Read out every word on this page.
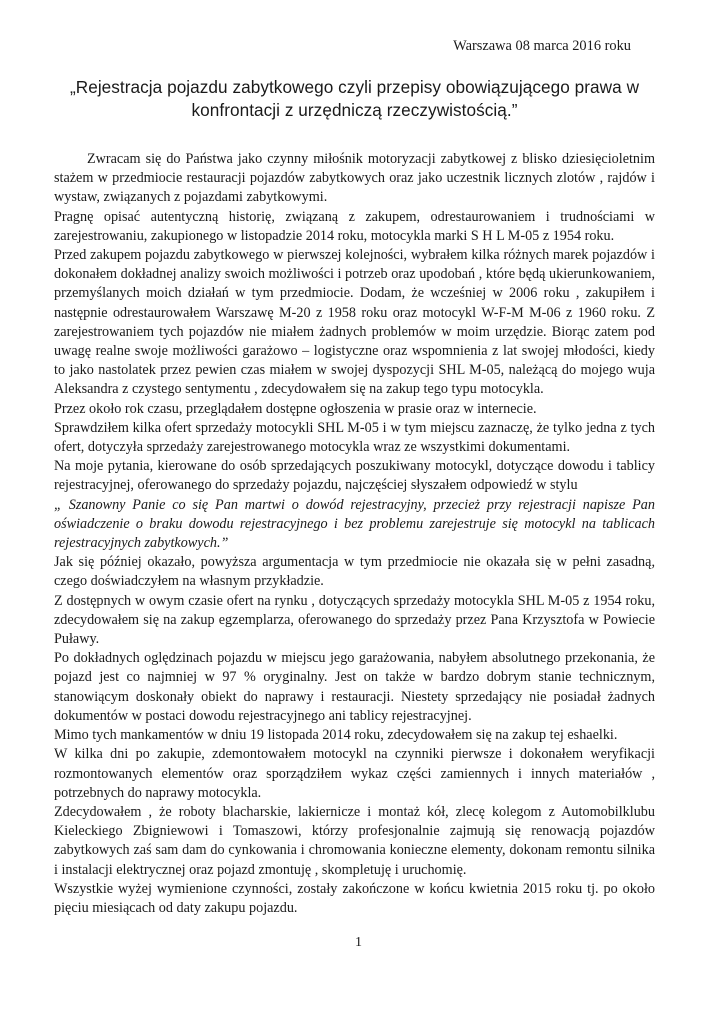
Warszawa 08 marca 2016 roku
„Rejestracja pojazdu zabytkowego czyli przepisy obowiązującego prawa w
konfrontacji z urzędniczą rzeczywistością.”

Zwracam się do Państwa jako czynny miłośnik motoryzacji zabytkowej z blisko dziesięcioletnim stażem w przedmiocie restauracji pojazdów zabytkowych oraz jako uczestnik licznych zlotów , rajdów i wystaw, związanych z pojazdami zabytkowymi.

Pragnę opisać autentyczną historię, związaną z zakupem, odrestaurowaniem i trudnościami w zarejestrowaniu, zakupionego w listopadzie 2014 roku, motocykla marki S H L M-05 z 1954 roku.

Przed zakupem pojazdu zabytkowego w pierwszej kolejności, wybrałem kilka różnych marek pojazdów i dokonałem dokładnej analizy swoich możliwości i potrzeb oraz upodobań , które będą ukierunkowaniem, przemyślanych moich działań w tym przedmiocie. Dodam, że wcześniej w 2006 roku , zakupiłem i następnie odrestaurowałem Warszawę M-20 z 1958 roku oraz motocykl W-F-M M-06 z 1960 roku. Z zarejestrowaniem tych pojazdów nie miałem żadnych problemów w moim urzędzie. Biorąc zatem pod uwagę realne swoje możliwości garażowo – logistyczne oraz wspomnienia z lat swojej młodości, kiedy to jako nastolatek przez pewien czas miałem w swojej dyspozycji SHL M-05, należącą do mojego wuja Aleksandra z czystego sentymentu , zdecydowałem się na zakup tego typu motocykla.

Przez około rok czasu, przeglądałem dostępne ogłoszenia w prasie oraz w internecie.

Sprawdziłem kilka ofert sprzedaży motocykli SHL M-05 i w tym miejscu zaznaczę, że tylko jedna z tych ofert, dotyczyła sprzedaży zarejestrowanego motocykla wraz ze wszystkimi dokumentami.

Na moje pytania, kierowane do osób sprzedających poszukiwany motocykl, dotyczące dowodu i tablicy rejestracyjnej, oferowanego do sprzedaży pojazdu, najczęściej słyszałem odpowiedź w stylu

„ Szanowny Panie co się Pan martwi o dowód rejestracyjny, przecież przy rejestracji napisze Pan oświadczenie o braku dowodu rejestracyjnego i bez problemu zarejestruje się motocykl na tablicach rejestracyjnych zabytkowych.”

Jak się później okazało, powyższa argumentacja w tym przedmiocie nie okazała się w pełni zasadną, czego doświadczyłem na własnym przykładzie.

Z dostępnych w owym czasie ofert na rynku , dotyczących sprzedaży motocykla SHL M-05 z 1954 roku, zdecydowałem się na zakup egzemplarza, oferowanego do sprzedaży przez Pana Krzysztofa w Powiecie Puławy.

Po dokładnych oględzinach pojazdu w miejscu jego garażowania, nabyłem absolutnego przekonania, że pojazd jest co najmniej w 97 % oryginalny. Jest on także w bardzo dobrym stanie technicznym, stanowiącym doskonały obiekt do naprawy i restauracji. Niestety sprzedający nie posiadał żadnych dokumentów w postaci dowodu rejestracyjnego ani tablicy rejestracyjnej.

Mimo tych mankamentów w dniu 19 listopada 2014 roku, zdecydowałem się na zakup tej eshaelki.

W kilka dni po zakupie, zdemontowałem motocykl na czynniki pierwsze i dokonałem weryfikacji rozmontowanych elementów oraz sporządziłem wykaz części zamiennych i innych materiałów , potrzebnych do naprawy motocykla.

Zdecydowałem , że roboty blacharskie, lakiernicze i montaż kół, zlecę kolegom z Automobilklubu Kieleckiego Zbigniewowi i Tomaszowi, którzy profesjonalnie zajmują się renowacją pojazdów zabytkowych zaś sam dam do cynkowania i chromowania konieczne elementy, dokonam remontu silnika i instalacji elektrycznej oraz pojazd zmontuję , skompletuję i uruchomię.

Wszystkie wyżej wymienione czynności, zostały zakończone w końcu kwietnia 2015 roku tj. po około pięciu miesiącach od daty zakupu pojazdu.

1
